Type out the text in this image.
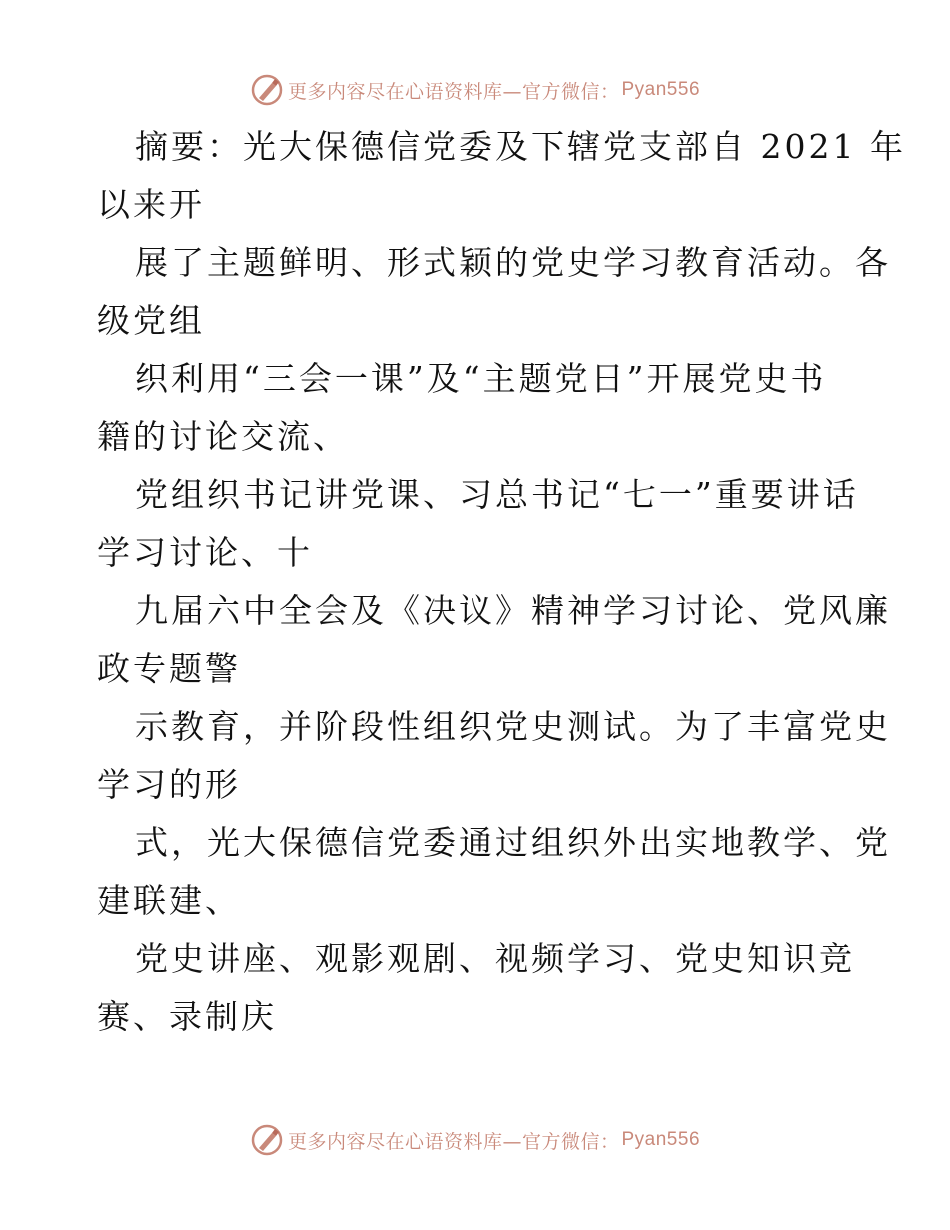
更多内容尽在心语资料库—官方微信： Pyan556
摘要：光大保德信党委及下辖党支部自 2021 年
以来开
展了主题鲜明、形式颖的党史学习教育活动。各
级党组
织利用“三会一课”及“主题党日”开展党史书
籍的讨论交流、
党组织书记讲党课、习总书记“七一”重要讲话
学习讨论、十
九届六中全会及《决议》精神学习讨论、党风廉
政专题警
示教育，并阶段性组织党史测试。为了丰富党史
学习的形
式，光大保德信党委通过组织外出实地教学、党
建联建、
党史讲座、观影观剧、视频学习、党史知识竞
赛、录制庆
更多内容尽在心语资料库—官方微信： Pyan556
